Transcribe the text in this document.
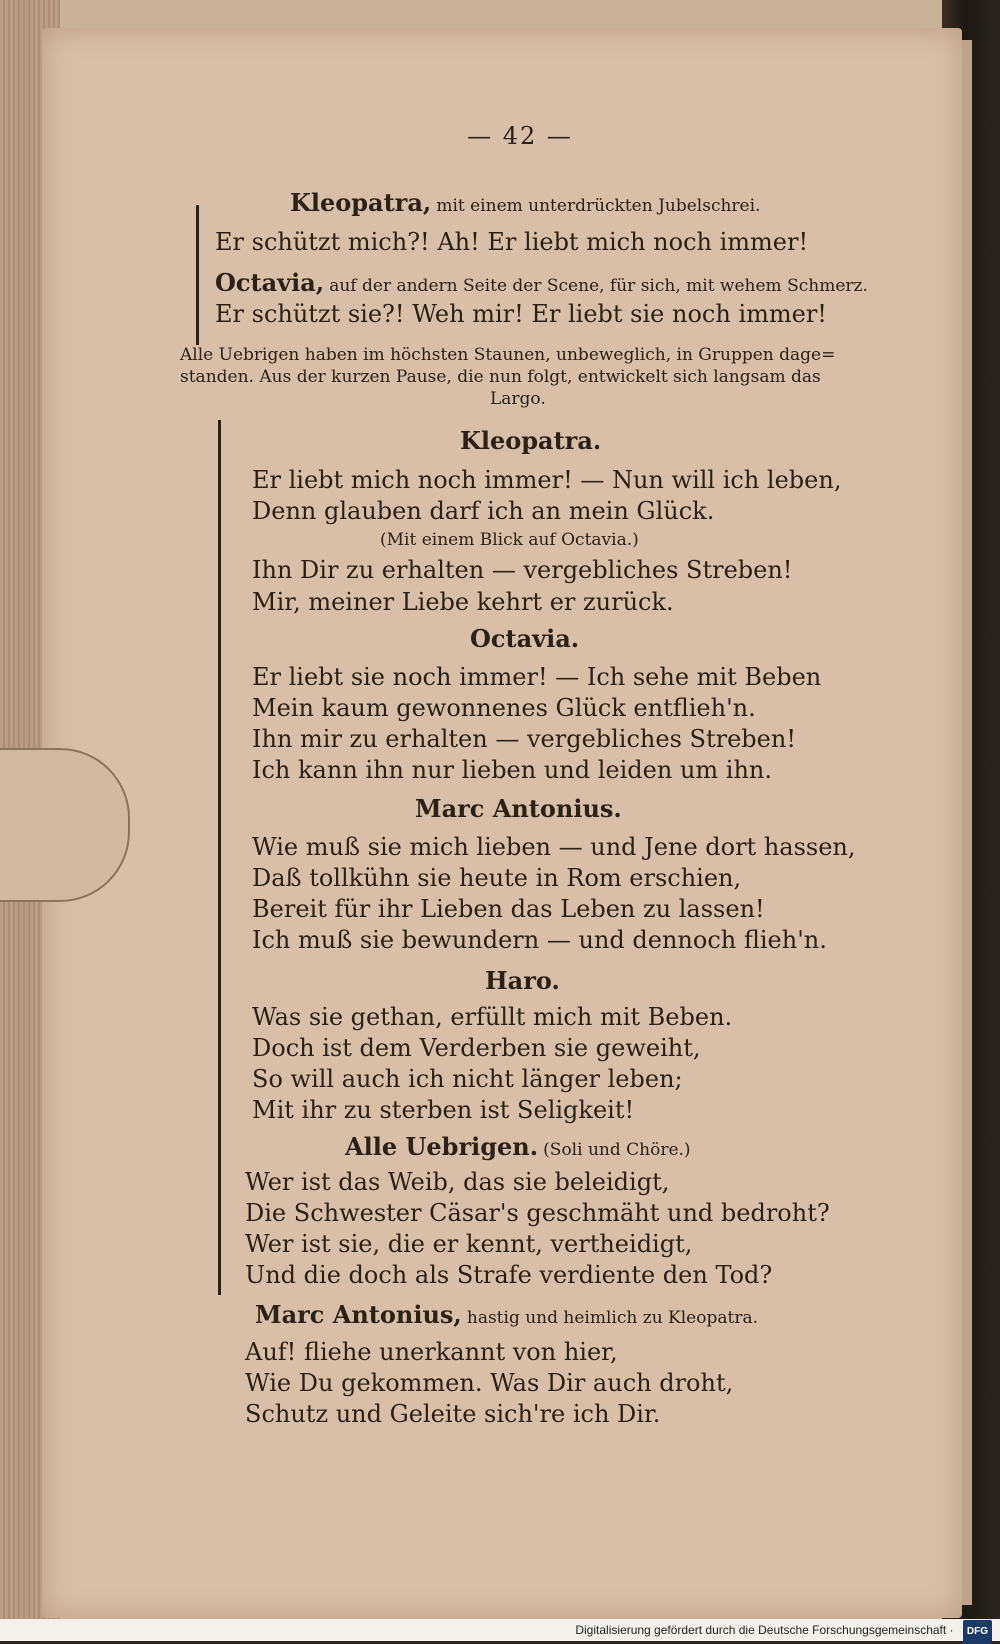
— 42 —
Kleopatra, mit einem unterdrückten Jubelschrei.
Er schützt mich?! Ah! Er liebt mich noch immer!
Octavia, auf der andern Seite der Scene, für sich, mit wehem Schmerz.
Er schützt sie?! Weh mir! Er liebt sie noch immer!
Alle Uebrigen haben im höchsten Staunen, unbeweglich, in Gruppen dage=
standen. Aus der kurzen Pause, die nun folgt, entwickelt sich langsam das
Largo.
Kleopatra.
Er liebt mich noch immer! — Nun will ich leben,
Denn glauben darf ich an mein Glück.
(Mit einem Blick auf Octavia.)
Ihn Dir zu erhalten — vergebliches Streben!
Mir, meiner Liebe kehrt er zurück.
Octavia.
Er liebt sie noch immer! — Ich sehe mit Beben
Mein kaum gewonnenes Glück entflieh'n.
Ihn mir zu erhalten — vergebliches Streben!
Ich kann ihn nur lieben und leiden um ihn.
Marc Antonius.
Wie muß sie mich lieben — und Jene dort hassen,
Daß tollkühn sie heute in Rom erschien,
Bereit für ihr Lieben das Leben zu lassen!
Ich muß sie bewundern — und dennoch flieh'n.
Haro.
Was sie gethan, erfüllt mich mit Beben.
Doch ist dem Verderben sie geweiht,
So will auch ich nicht länger leben;
Mit ihr zu sterben ist Seligkeit!
Alle Uebrigen. (Soli und Chöre.)
Wer ist das Weib, das sie beleidigt,
Die Schwester Cäsar's geschmäht und bedroht?
Wer ist sie, die er kennt, vertheidigt,
Und die doch als Strafe verdiente den Tod?
Marc Antonius, hastig und heimlich zu Kleopatra.
Auf! fliehe unerkannt von hier,
Wie Du gekommen. Was Dir auch droht,
Schutz und Geleite sich're ich Dir.
Digitalisierung gefördert durch die Deutsche Forschungsgemeinschaft · DFG
